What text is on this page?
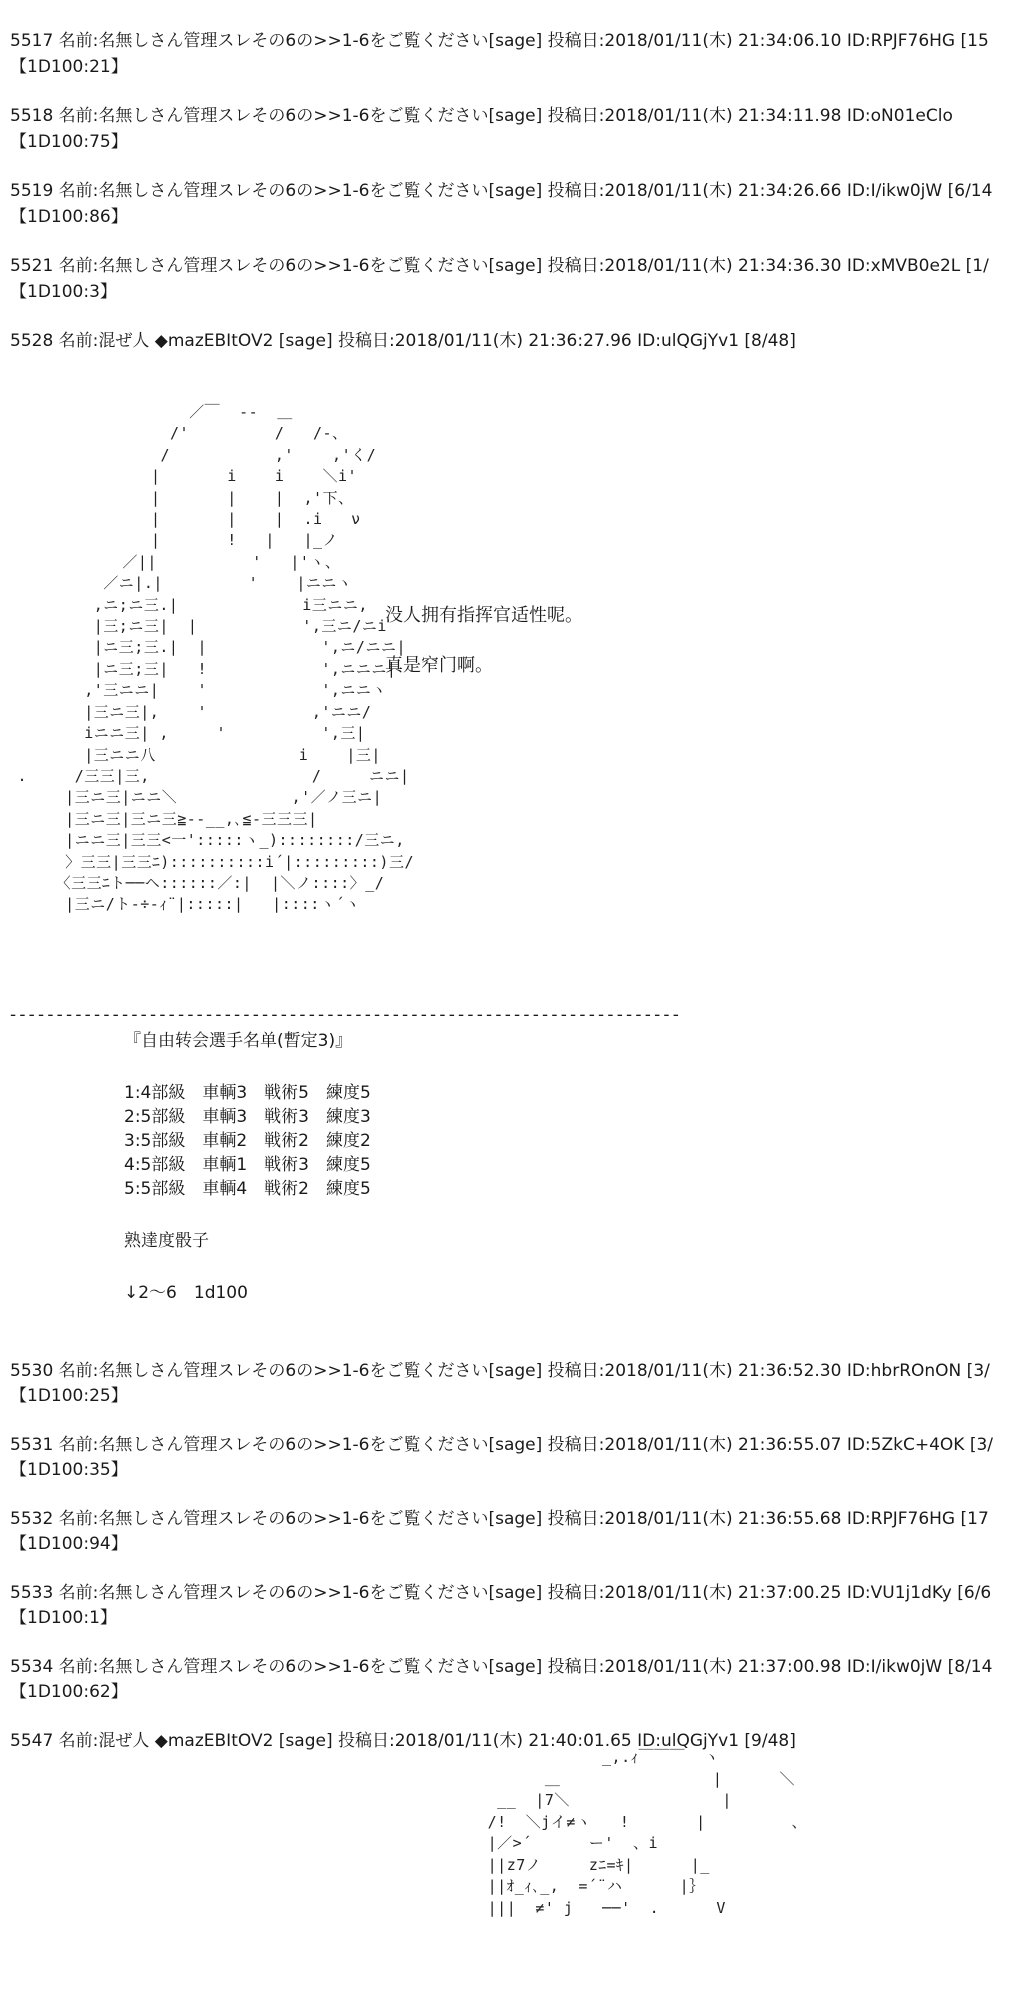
5517 名前:名無しさん管理スレその6の>>1-6をご覧ください[sage] 投稿日:2018/01/11(木) 21:34:06.10 ID:RPJF76HG [15
【1D100:21】
5518 名前:名無しさん管理スレその6の>>1-6をご覧ください[sage] 投稿日:2018/01/11(木) 21:34:11.98 ID:oN01eClo
【1D100:75】
5519 名前:名無しさん管理スレその6の>>1-6をご覧ください[sage] 投稿日:2018/01/11(木) 21:34:26.66 ID:I/ikw0jW [6/14
【1D100:86】
5521 名前:名無しさん管理スレその6の>>1-6をご覧ください[sage] 投稿日:2018/01/11(木) 21:34:36.30 ID:xMVB0e2L [1/
【1D100:3】
5528 名前:混ぜ人 ◆mazEBItOV2 [sage] 投稿日:2018/01/11(木) 21:36:27.96 ID:ulQGjYv1 [8/48]
／￣  ‐‐  ＿
/'         /   /‐、
/           ,'    ,'く/
|       i    i    ＼i'
|       |    |  ,'下、
|       |    |  .i   ν
|       !   |   |_ノ
／||          '   |'ヽ、
／ニ|.|         '    |ニニヽ
,ニ;ニ三.|             i三ニニ,
|三;ニ三|  |           ',三ニ/ニi
|ニ三;三.|  |            ',ニ/ニニ|
|ニ三;三|   !            ',ニニニ|
,'三ニニ|    '            ',ニニヽ
|三ニ三|,    '           ,'ニニ/
iニニ三| ,     '          ',三|
|三ニニ八               i    |三|
.     /三三|三,                 /     ニニ|
|三ニ三|ニニ＼            ,'／ノ三ニ|
|三ニ三|三ニ三≧‐-__,､≦‐三三三|
|ニニ三|三三<一':::::ヽ_)::::::::/三ニ,
〉三三|三三ﾆ)::::::::::i´|:::::::::)三/
〈三三ﾆト──ヘ::::::／:|  |＼ノ::::〉_/
|三ニ/ト‐÷‐ｨ¨|:::::|   |::::ヽ´ヽ
没人拥有指挥官适性呢。
真是窄门啊。
------------------------------------------------------------------------
『自由转会選手名单(暫定3)』
1:4部級　車輌3　戦術5　練度5
2:5部級　車輌3　戦術3　練度3
3:5部級　車輌2　戦術2　練度2
4:5部級　車輌1　戦術3　練度5
5:5部級　車輌4　戦術2　練度5
熟達度骰子
↓2〜6　1d100
5530 名前:名無しさん管理スレその6の>>1-6をご覧ください[sage] 投稿日:2018/01/11(木) 21:36:52.30 ID:hbrROnON [3/
【1D100:25】
5531 名前:名無しさん管理スレその6の>>1-6をご覧ください[sage] 投稿日:2018/01/11(木) 21:36:55.07 ID:5ZkC+4OK [3/
【1D100:35】
5532 名前:名無しさん管理スレその6の>>1-6をご覧ください[sage] 投稿日:2018/01/11(木) 21:36:55.68 ID:RPJF76HG [17
【1D100:94】
5533 名前:名無しさん管理スレその6の>>1-6をご覧ください[sage] 投稿日:2018/01/11(木) 21:37:00.25 ID:VU1j1dKy [6/6
【1D100:1】
5534 名前:名無しさん管理スレその6の>>1-6をご覧ください[sage] 投稿日:2018/01/11(木) 21:37:00.98 ID:I/ikw0jW [8/14
【1D100:62】
5547 名前:混ぜ人 ◆mazEBItOV2 [sage] 投稿日:2018/01/11(木) 21:40:01.65 ID:ulQGjYv1 [9/48]
_,.ｨ￣￣￣  ヽ
＿                |      ＼
__  |7＼                |
/!  ＼jイ≠ヽ   !       |         、
|／>´      ー'  、i
||z7ノ     zﾆ=ｷ|      |_
||ｵ_ｨ､_,  =´¨ハ      |｝
|||  ≠' j   ──'  .      V
